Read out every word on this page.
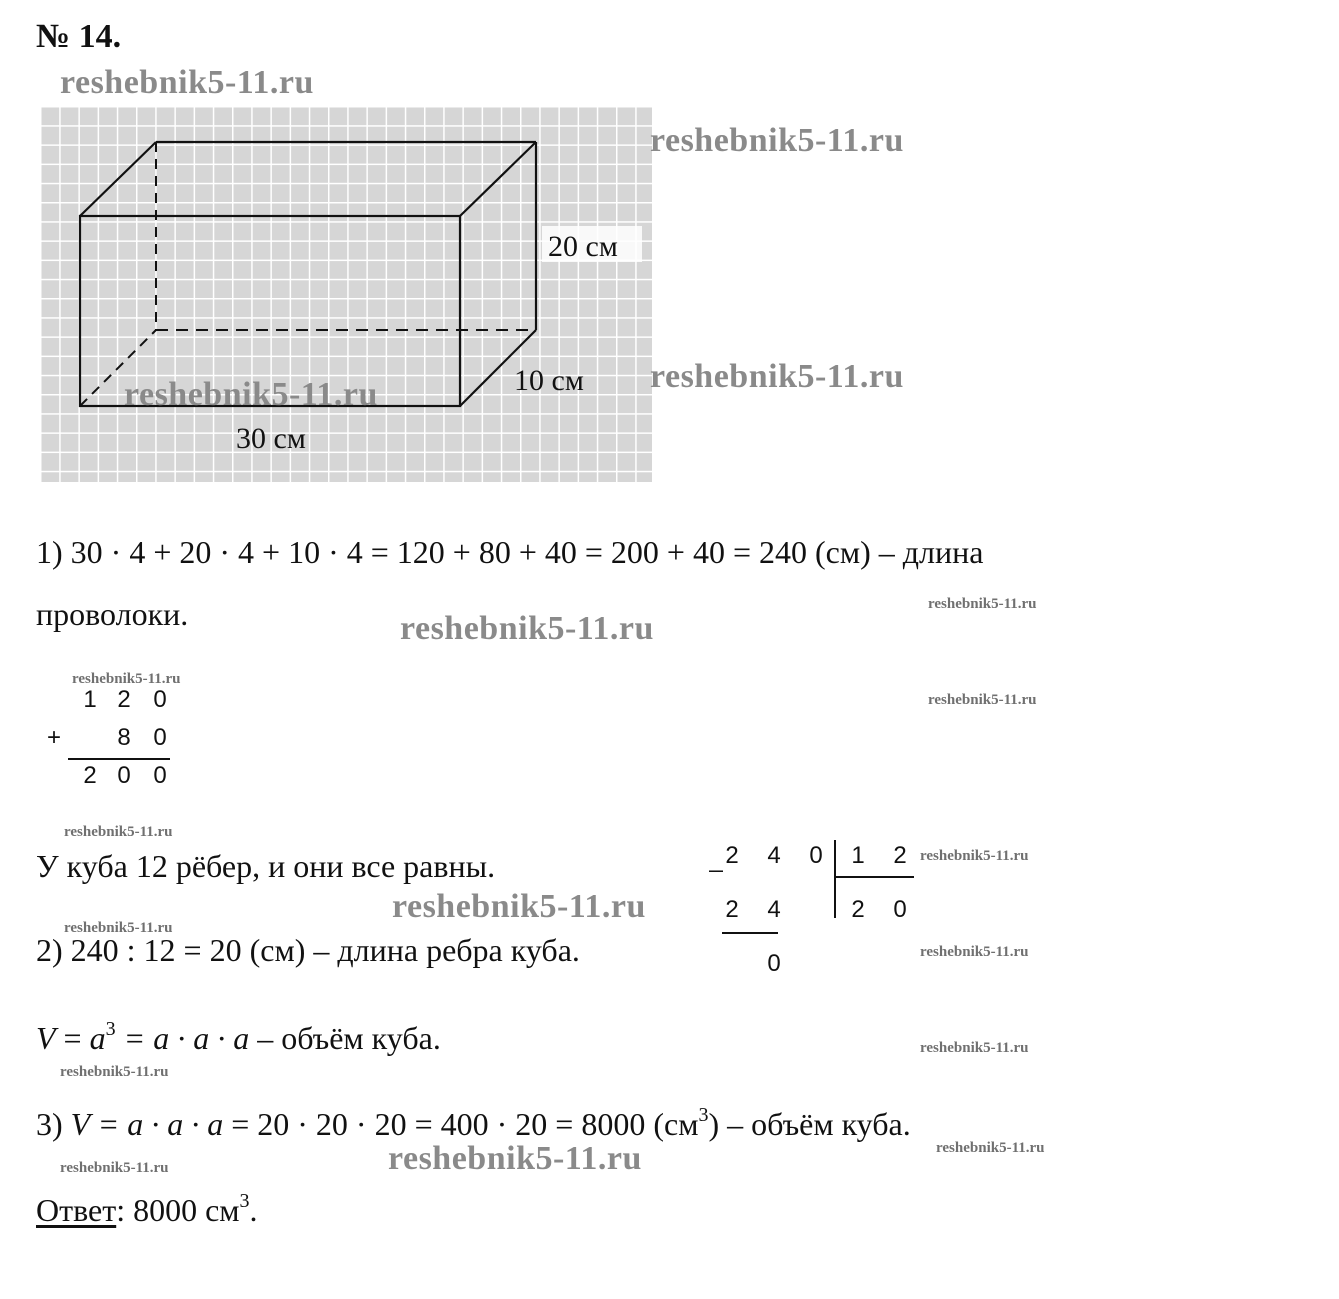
№ 14.
20 см
10 см
30 см
reshebnik5-11.ru
reshebnik5-11.ru
reshebnik5-11.ru
reshebnik5-11.ru
reshebnik5-11.ru
reshebnik5-11.ru
reshebnik5-11.ru
reshebnik5-11.ru
reshebnik5-11.ru
reshebnik5-11.ru
reshebnik5-11.ru
reshebnik5-11.ru
reshebnik5-11.ru
reshebnik5-11.ru
reshebnik5-11.ru
reshebnik5-11.ru
reshebnik5-11.ru
reshebnik5-11.ru
1) 30 · 4 + 20 · 4 + 10 · 4 = 120 + 80 + 40 = 200 + 40 = 240 (см) – длина
проволоки.
1 2 0
+ 8 0
2 0 0
У куба 12 рёбер, и они все равны.	_ 2 4 0 1 2
2 4	2 0
0
2) 240 : 12 = 20 (см) – длина ребра куба.
$V = a^3 = a \cdot a \cdot a$ – объём куба.
3) V = a · a · a = 20 · 20 · 20 = 400 · 20 = 8000 $(см^3)$ – объём куба.
Ответ: 8000 $см^3$.
